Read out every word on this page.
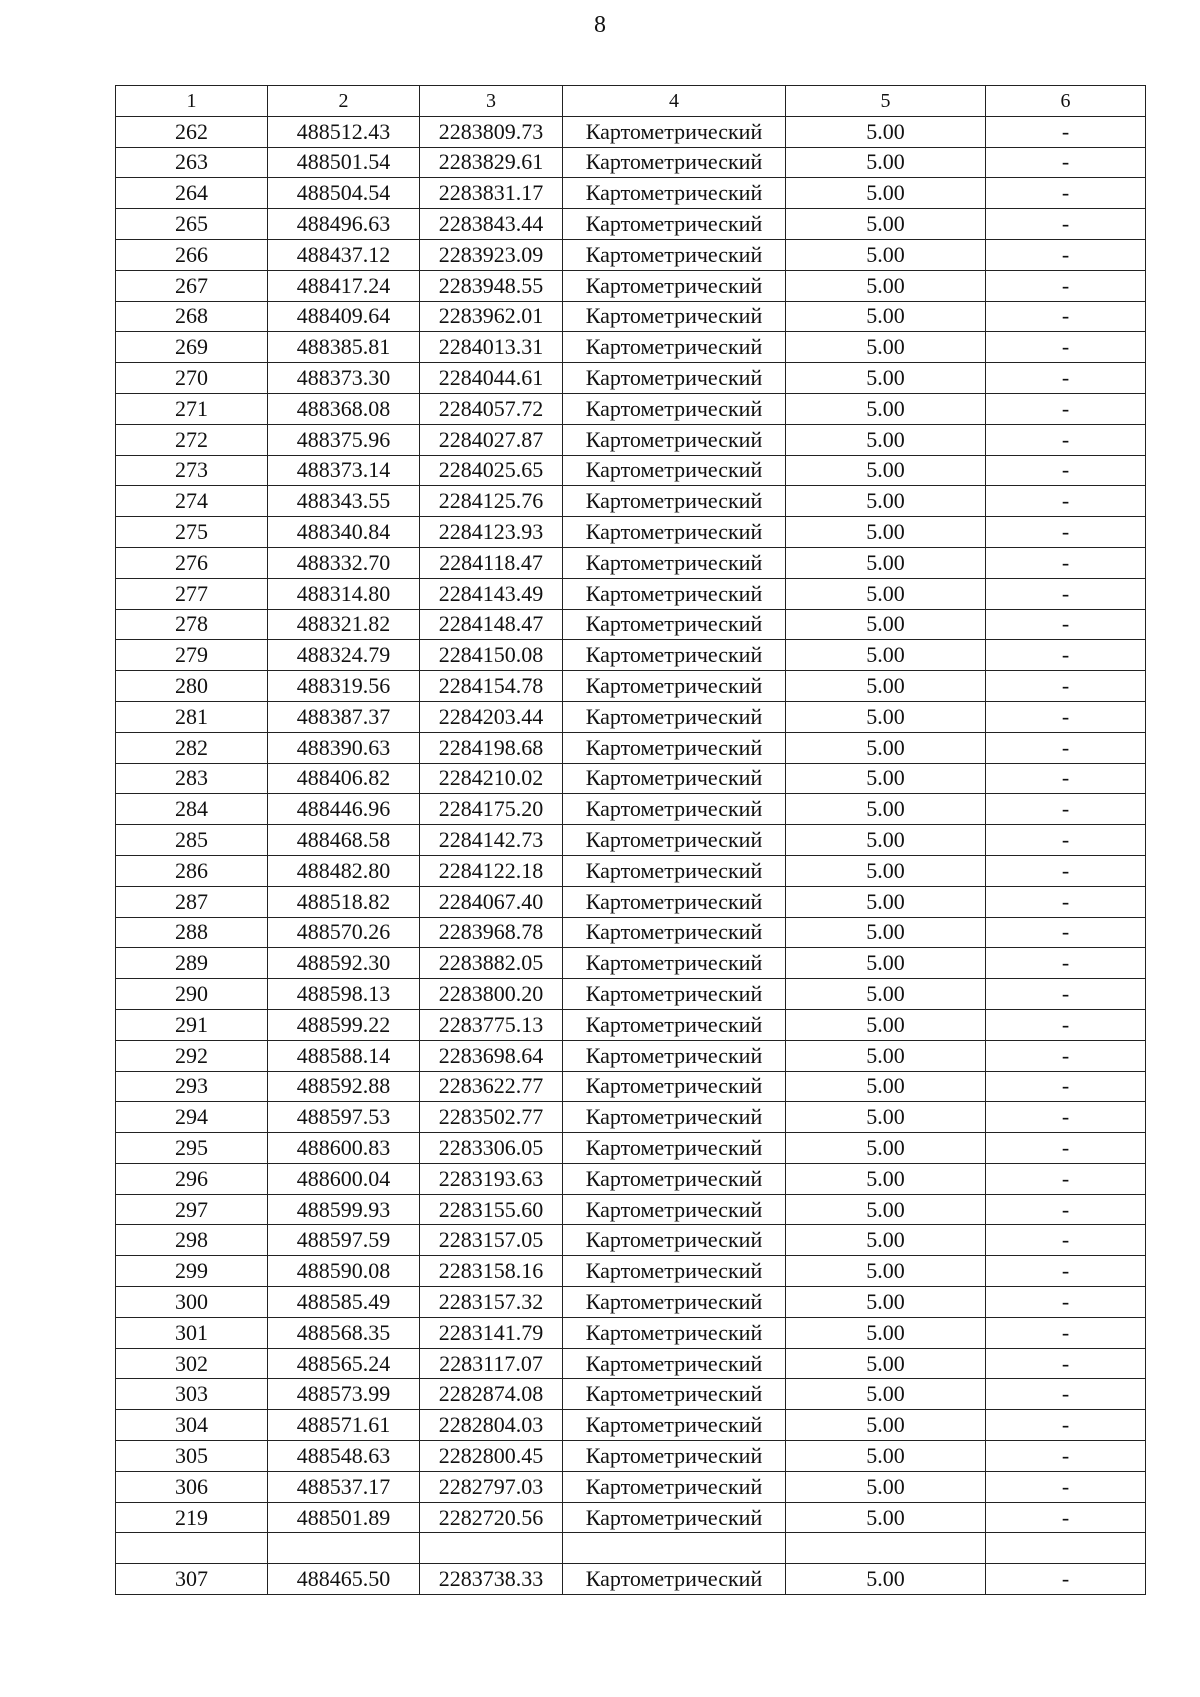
8
1	2	3	4	5	6
262	488512.43	2283809.73	Картометрический	5.00	-
263	488501.54	2283829.61	Картометрический	5.00	-
264	488504.54	2283831.17	Картометрический	5.00	-
265	488496.63	2283843.44	Картометрический	5.00	-
266	488437.12	2283923.09	Картометрический	5.00	-
267	488417.24	2283948.55	Картометрический	5.00	-
268	488409.64	2283962.01	Картометрический	5.00	-
269	488385.81	2284013.31	Картометрический	5.00	-
270	488373.30	2284044.61	Картометрический	5.00	-
271	488368.08	2284057.72	Картометрический	5.00	-
272	488375.96	2284027.87	Картометрический	5.00	-
273	488373.14	2284025.65	Картометрический	5.00	-
274	488343.55	2284125.76	Картометрический	5.00	-
275	488340.84	2284123.93	Картометрический	5.00	-
276	488332.70	2284118.47	Картометрический	5.00	-
277	488314.80	2284143.49	Картометрический	5.00	-
278	488321.82	2284148.47	Картометрический	5.00	-
279	488324.79	2284150.08	Картометрический	5.00	-
280	488319.56	2284154.78	Картометрический	5.00	-
281	488387.37	2284203.44	Картометрический	5.00	-
282	488390.63	2284198.68	Картометрический	5.00	-
283	488406.82	2284210.02	Картометрический	5.00	-
284	488446.96	2284175.20	Картометрический	5.00	-
285	488468.58	2284142.73	Картометрический	5.00	-
286	488482.80	2284122.18	Картометрический	5.00	-
287	488518.82	2284067.40	Картометрический	5.00	-
288	488570.26	2283968.78	Картометрический	5.00	-
289	488592.30	2283882.05	Картометрический	5.00	-
290	488598.13	2283800.20	Картометрический	5.00	-
291	488599.22	2283775.13	Картометрический	5.00	-
292	488588.14	2283698.64	Картометрический	5.00	-
293	488592.88	2283622.77	Картометрический	5.00	-
294	488597.53	2283502.77	Картометрический	5.00	-
295	488600.83	2283306.05	Картометрический	5.00	-
296	488600.04	2283193.63	Картометрический	5.00	-
297	488599.93	2283155.60	Картометрический	5.00	-
298	488597.59	2283157.05	Картометрический	5.00	-
299	488590.08	2283158.16	Картометрический	5.00	-
300	488585.49	2283157.32	Картометрический	5.00	-
301	488568.35	2283141.79	Картометрический	5.00	-
302	488565.24	2283117.07	Картометрический	5.00	-
303	488573.99	2282874.08	Картометрический	5.00	-
304	488571.61	2282804.03	Картометрический	5.00	-
305	488548.63	2282800.45	Картометрический	5.00	-
306	488537.17	2282797.03	Картометрический	5.00	-
219	488501.89	2282720.56	Картометрический	5.00	-

307	488465.50	2283738.33	Картометрический	5.00	-
